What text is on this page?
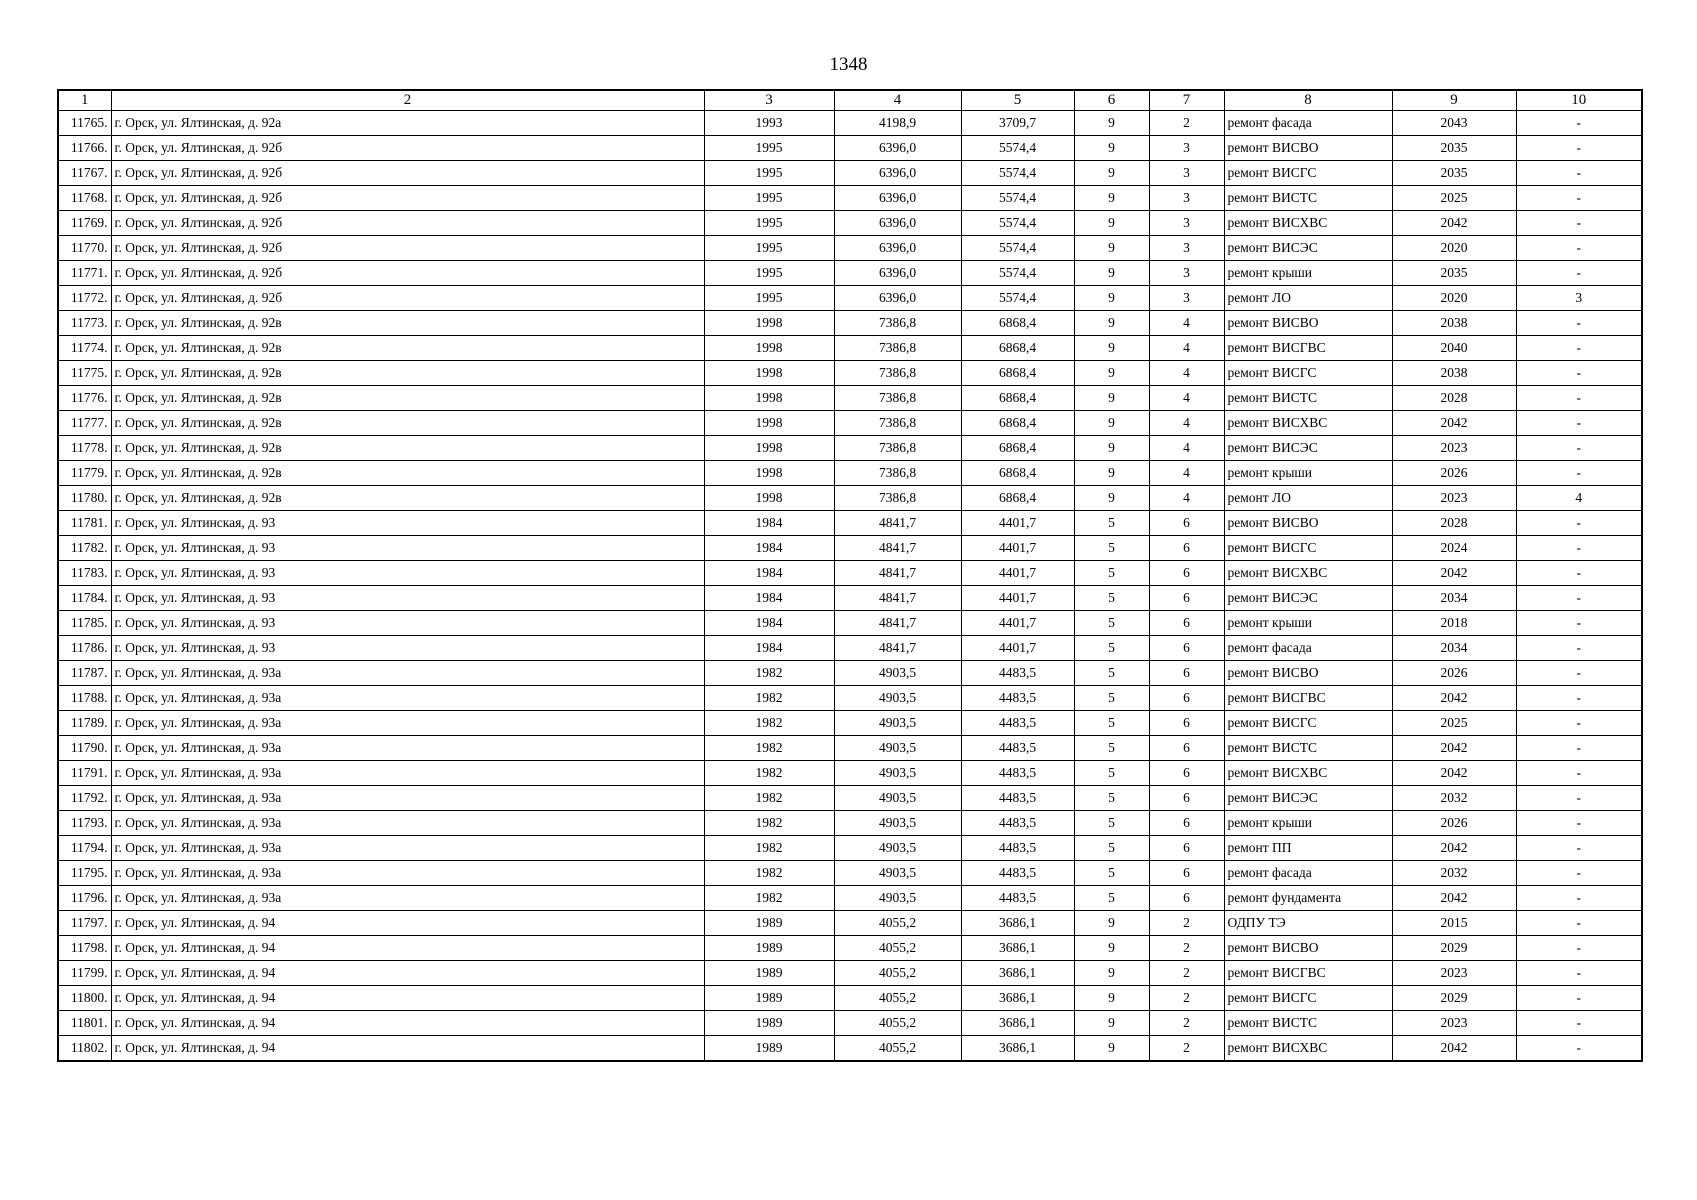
1348
1	2	3	4	5	6	7	8	9	10
11765.	г. Орск, ул. Ялтинская, д. 92а	1993	4198,9	3709,7	9	2	ремонт фасада	2043	-
11766.	г. Орск, ул. Ялтинская, д. 92б	1995	6396,0	5574,4	9	3	ремонт ВИСВО	2035	-
11767.	г. Орск, ул. Ялтинская, д. 92б	1995	6396,0	5574,4	9	3	ремонт ВИСГС	2035	-
11768.	г. Орск, ул. Ялтинская, д. 92б	1995	6396,0	5574,4	9	3	ремонт ВИСТС	2025	-
11769.	г. Орск, ул. Ялтинская, д. 92б	1995	6396,0	5574,4	9	3	ремонт ВИСХВС	2042	-
11770.	г. Орск, ул. Ялтинская, д. 92б	1995	6396,0	5574,4	9	3	ремонт ВИСЭС	2020	-
11771.	г. Орск, ул. Ялтинская, д. 92б	1995	6396,0	5574,4	9	3	ремонт крыши	2035	-
11772.	г. Орск, ул. Ялтинская, д. 92б	1995	6396,0	5574,4	9	3	ремонт ЛО	2020	3
11773.	г. Орск, ул. Ялтинская, д. 92в	1998	7386,8	6868,4	9	4	ремонт ВИСВО	2038	-
11774.	г. Орск, ул. Ялтинская, д. 92в	1998	7386,8	6868,4	9	4	ремонт ВИСГВС	2040	-
11775.	г. Орск, ул. Ялтинская, д. 92в	1998	7386,8	6868,4	9	4	ремонт ВИСГС	2038	-
11776.	г. Орск, ул. Ялтинская, д. 92в	1998	7386,8	6868,4	9	4	ремонт ВИСТС	2028	-
11777.	г. Орск, ул. Ялтинская, д. 92в	1998	7386,8	6868,4	9	4	ремонт ВИСХВС	2042	-
11778.	г. Орск, ул. Ялтинская, д. 92в	1998	7386,8	6868,4	9	4	ремонт ВИСЭС	2023	-
11779.	г. Орск, ул. Ялтинская, д. 92в	1998	7386,8	6868,4	9	4	ремонт крыши	2026	-
11780.	г. Орск, ул. Ялтинская, д. 92в	1998	7386,8	6868,4	9	4	ремонт ЛО	2023	4
11781.	г. Орск, ул. Ялтинская, д. 93	1984	4841,7	4401,7	5	6	ремонт ВИСВО	2028	-
11782.	г. Орск, ул. Ялтинская, д. 93	1984	4841,7	4401,7	5	6	ремонт ВИСГС	2024	-
11783.	г. Орск, ул. Ялтинская, д. 93	1984	4841,7	4401,7	5	6	ремонт ВИСХВС	2042	-
11784.	г. Орск, ул. Ялтинская, д. 93	1984	4841,7	4401,7	5	6	ремонт ВИСЭС	2034	-
11785.	г. Орск, ул. Ялтинская, д. 93	1984	4841,7	4401,7	5	6	ремонт крыши	2018	-
11786.	г. Орск, ул. Ялтинская, д. 93	1984	4841,7	4401,7	5	6	ремонт фасада	2034	-
11787.	г. Орск, ул. Ялтинская, д. 93а	1982	4903,5	4483,5	5	6	ремонт ВИСВО	2026	-
11788.	г. Орск, ул. Ялтинская, д. 93а	1982	4903,5	4483,5	5	6	ремонт ВИСГВС	2042	-
11789.	г. Орск, ул. Ялтинская, д. 93а	1982	4903,5	4483,5	5	6	ремонт ВИСГС	2025	-
11790.	г. Орск, ул. Ялтинская, д. 93а	1982	4903,5	4483,5	5	6	ремонт ВИСТС	2042	-
11791.	г. Орск, ул. Ялтинская, д. 93а	1982	4903,5	4483,5	5	6	ремонт ВИСХВС	2042	-
11792.	г. Орск, ул. Ялтинская, д. 93а	1982	4903,5	4483,5	5	6	ремонт ВИСЭС	2032	-
11793.	г. Орск, ул. Ялтинская, д. 93а	1982	4903,5	4483,5	5	6	ремонт крыши	2026	-
11794.	г. Орск, ул. Ялтинская, д. 93а	1982	4903,5	4483,5	5	6	ремонт ПП	2042	-
11795.	г. Орск, ул. Ялтинская, д. 93а	1982	4903,5	4483,5	5	6	ремонт фасада	2032	-
11796.	г. Орск, ул. Ялтинская, д. 93а	1982	4903,5	4483,5	5	6	ремонт фундамента	2042	-
11797.	г. Орск, ул. Ялтинская, д. 94	1989	4055,2	3686,1	9	2	ОДПУ ТЭ	2015	-
11798.	г. Орск, ул. Ялтинская, д. 94	1989	4055,2	3686,1	9	2	ремонт ВИСВО	2029	-
11799.	г. Орск, ул. Ялтинская, д. 94	1989	4055,2	3686,1	9	2	ремонт ВИСГВС	2023	-
11800.	г. Орск, ул. Ялтинская, д. 94	1989	4055,2	3686,1	9	2	ремонт ВИСГС	2029	-
11801.	г. Орск, ул. Ялтинская, д. 94	1989	4055,2	3686,1	9	2	ремонт ВИСТС	2023	-
11802.	г. Орск, ул. Ялтинская, д. 94	1989	4055,2	3686,1	9	2	ремонт ВИСХВС	2042	-
